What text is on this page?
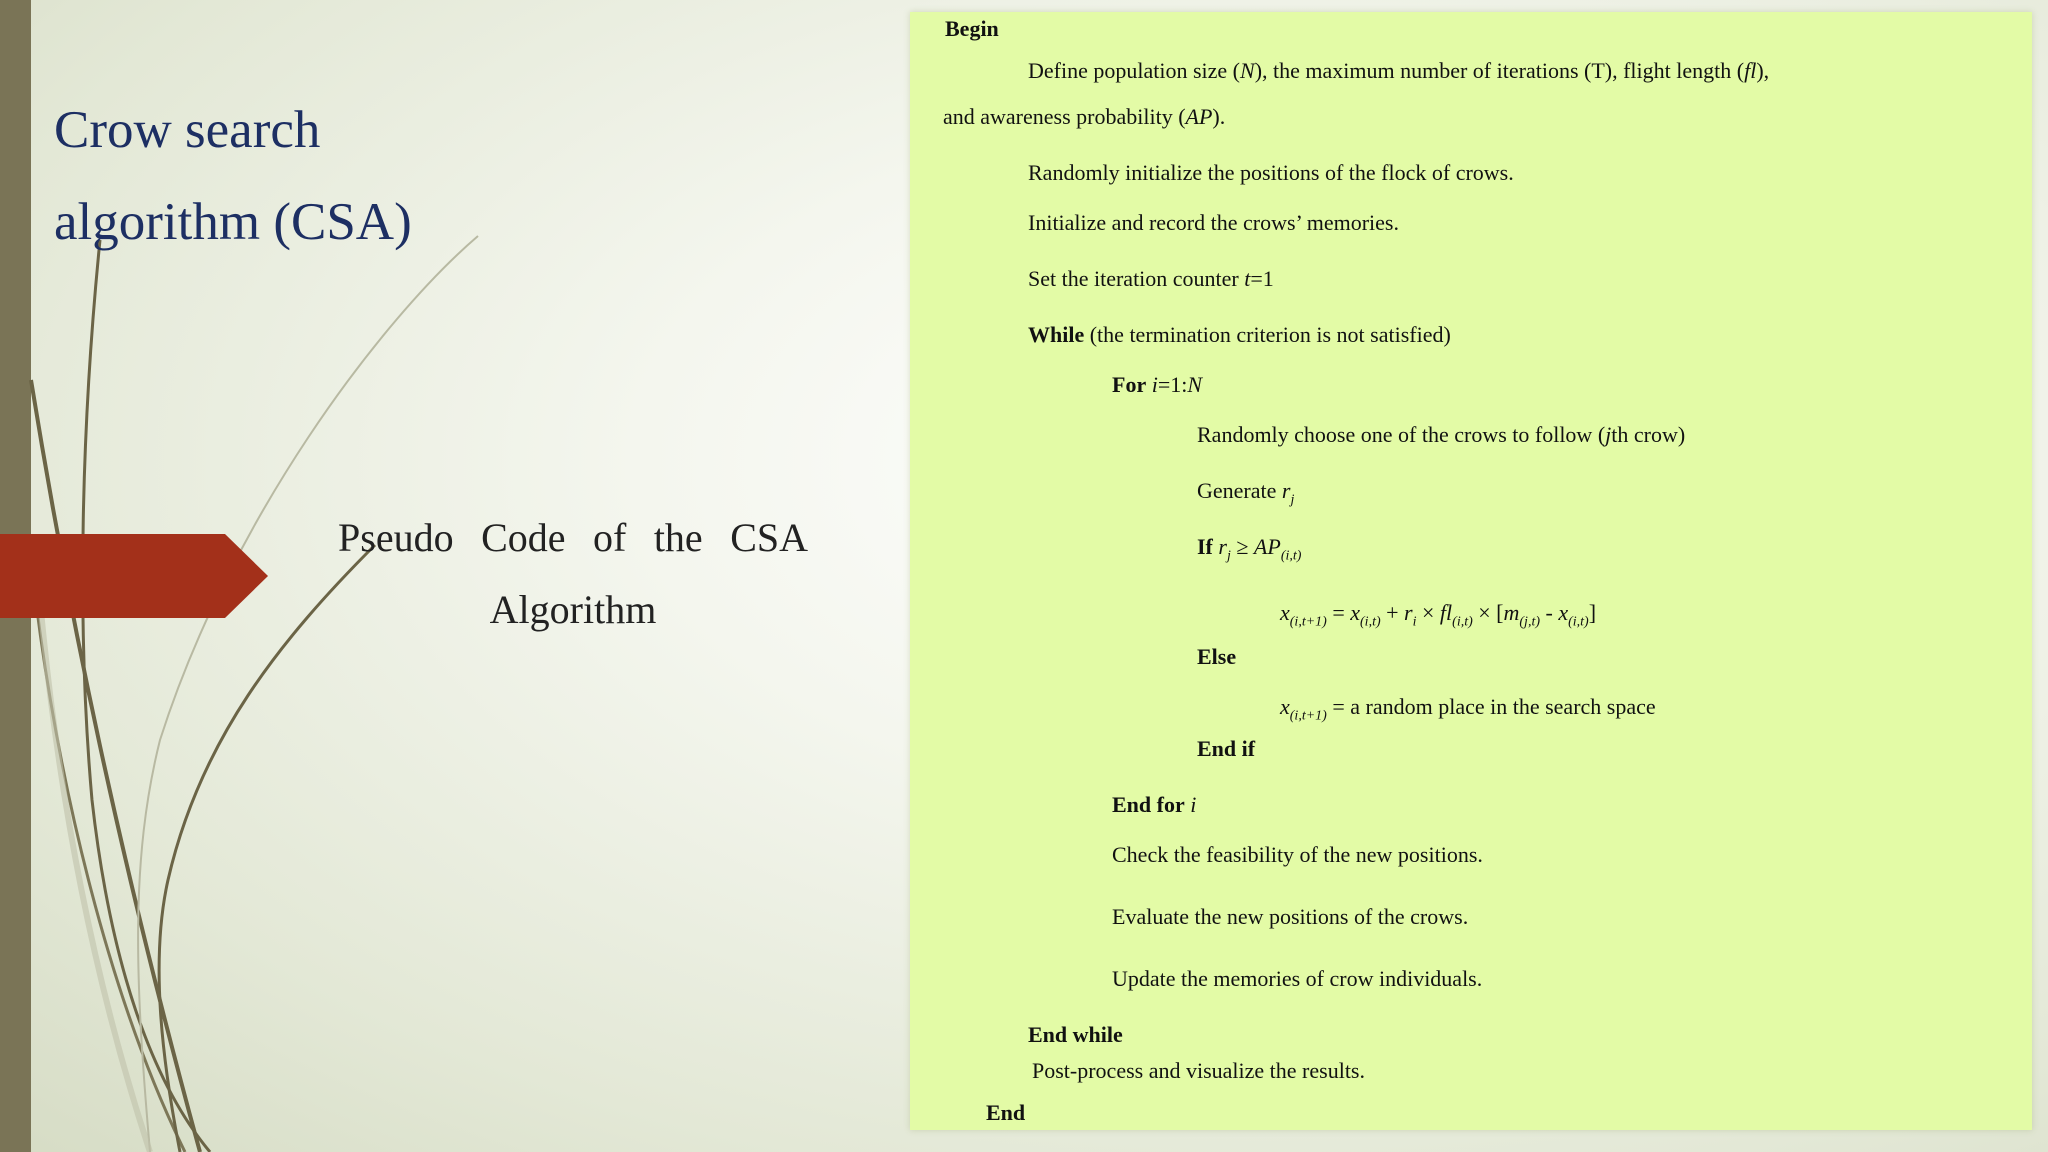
Crow search
algorithm (CSA)
Pseudo Code of the CSA Algorithm
Begin
Define population size (N), the maximum number of iterations (T), flight length (fl),
and awareness probability (AP).
Randomly initialize the positions of the flock of crows.
Initialize and record the crows’ memories.
Set the iteration counter t=1
While (the termination criterion is not satisfied)
For i=1:N
Randomly choose one of the crows to follow (jth crow)
Generate $r_j$
If $r_j \ge AP_{(i,t)}$
$x_{(i,t+1)} = x_{(i,t)} + r_i \times fl_{(i,t)} \times [m_{(j,t)} - x_{(i,t)}]$
Else
$x_{(i,t+1)} = a$ random place in the search space
End if
End for i
Check the feasibility of the new positions.
Evaluate the new positions of the crows.
Update the memories of crow individuals.
End while
Post-process and visualize the results.
End
